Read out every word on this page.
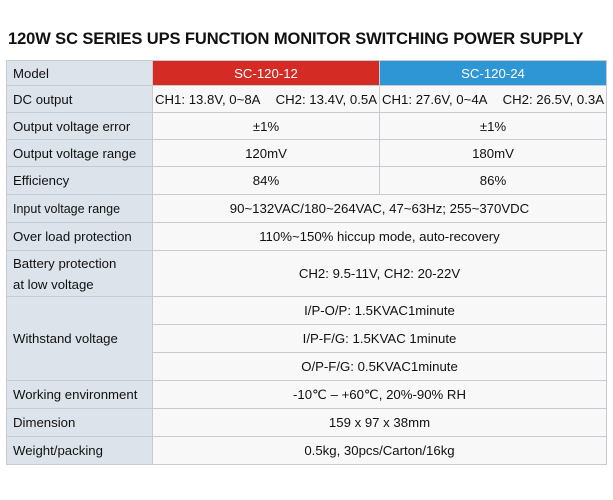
120W SC SERIES UPS FUNCTION MONITOR SWITCHING POWER SUPPLY
Model	SC-120-12	SC-120-24
DC output	CH1: 13.8V, 0~8A CH2: 13.4V, 0.5A	CH1: 27.6V, 0~4A CH2: 26.5V, 0.3A

Output voltage error	±1%	±1%
Output voltage range	120mV	180mV
Efficiency	84%	86%
Input voltage range	90~132VAC/180~264VAC, 47~63Hz; 255~370VDC	
Over load protection	110%~150% hiccup mode, auto-recovery	

Battery protection
at low voltage	CH2: 9.5-11V, CH2: 20-22V	
Withstand voltage	I/P-O/P: 1.5KVAC1minute
I/P-F/G: 1.5KVAC 1minute
O/P-F/G: 0.5KVAC1minute	

Working environment	-10℃ – +60℃, 20%-90% RH	
Dimension	159 x 97 x 38mm	
Weight/packing	0.5kg, 30pcs/Carton/16kg	
